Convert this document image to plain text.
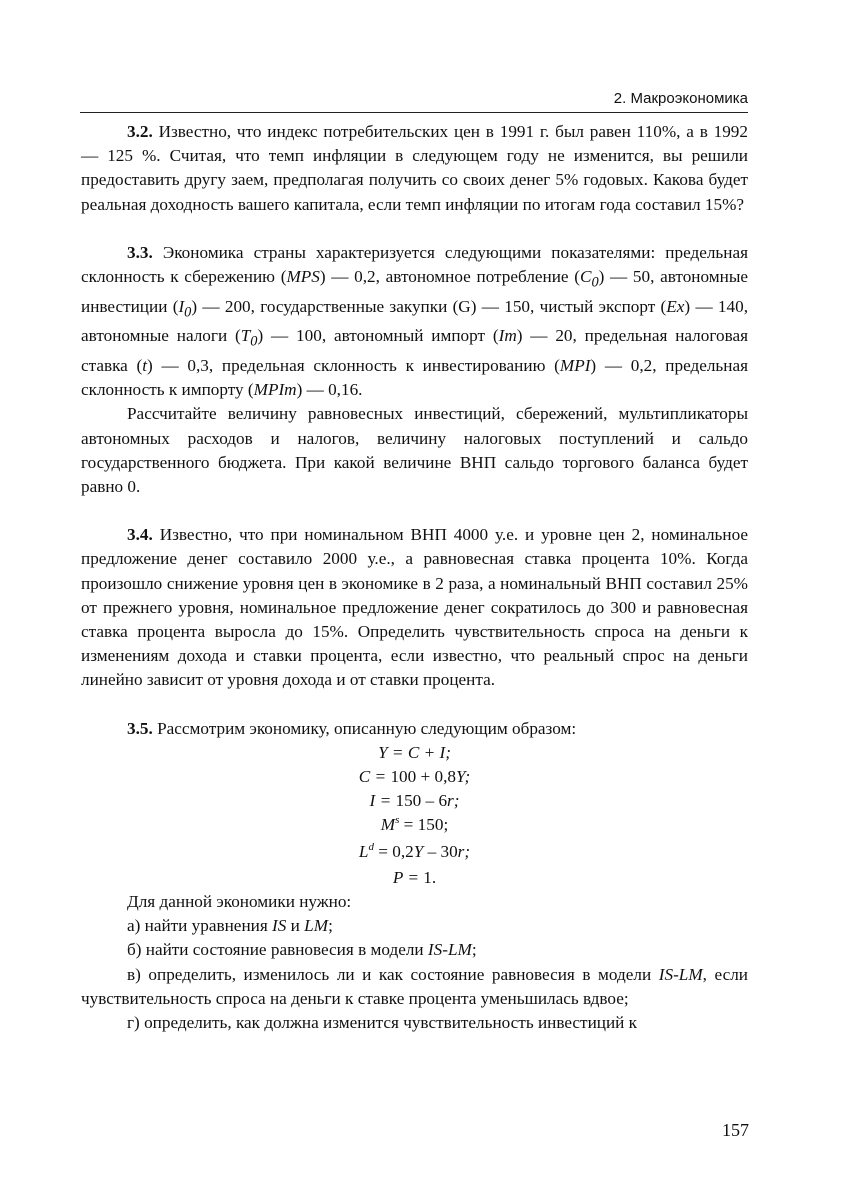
2. Макроэкономика

3.2. Известно, что индекс потребительских цен в 1991 г. был равен 110%, а в 1992 — 125 %. Считая, что темп инфляции в следующем году не изменится, вы решили предоставить другу заем, предполагая получить со своих денег 5% годовых. Какова будет реальная доходность вашего капитала, если темп инфляции по итогам года составил 15%?

3.3. Экономика страны характеризуется следующими показателями: предельная склонность к сбережению (MPS) — 0,2, автономное потребление $(C_0)$ — 50, автономные инвестиции $(I_0)$ — 200, государственные закупки (G) — 150, чистый экспорт (Ex) — 140, автономные налоги $(T_0)$ — 100, автономный импорт (Im) — 20, предельная налоговая ставка (t) — 0,3, предельная склонность к инвестированию (MPI) — 0,2, предельная склонность к импорту (MPIm) — 0,16.

Рассчитайте величину равновесных инвестиций, сбережений, мультипликаторы автономных расходов и налогов, величину налоговых поступлений и сальдо государственного бюджета. При какой величине ВНП сальдо торгового баланса будет равно 0.

3.4. Известно, что при номинальном ВНП 4000 у.е. и уровне цен 2, номинальное предложение денег составило 2000 у.е., а равновесная ставка процента 10%. Когда произошло снижение уровня цен в экономике в 2 раза, а номинальный ВНП составил 25% от прежнего уровня, номинальное предложение денег сократилось до 300 и равновесная ставка процента выросла до 15%. Определить чувствительность спроса на деньги к изменениям дохода и ставки процента, если известно, что реальный спрос на деньги линейно зависит от уровня дохода и от ставки процента.

3.5. Рассмотрим экономику, описанную следующим образом:

Y = C + I;
C = 100 + 0,8Y;
I = 150 – 6r;
$M^s = 150$;
$L^d = 0,2Y - 30r$;
P = 1.

Для данной экономики нужно:

а) найти уравнения IS и LM;

б) найти состояние равновесия в модели IS-LM;

в) определить, изменилось ли и как состояние равновесия в модели IS-LM, если чувствительность спроса на деньги к ставке процента уменьшилась вдвое;

г) определить, как должна изменится чувствительность инвестиций к

157
